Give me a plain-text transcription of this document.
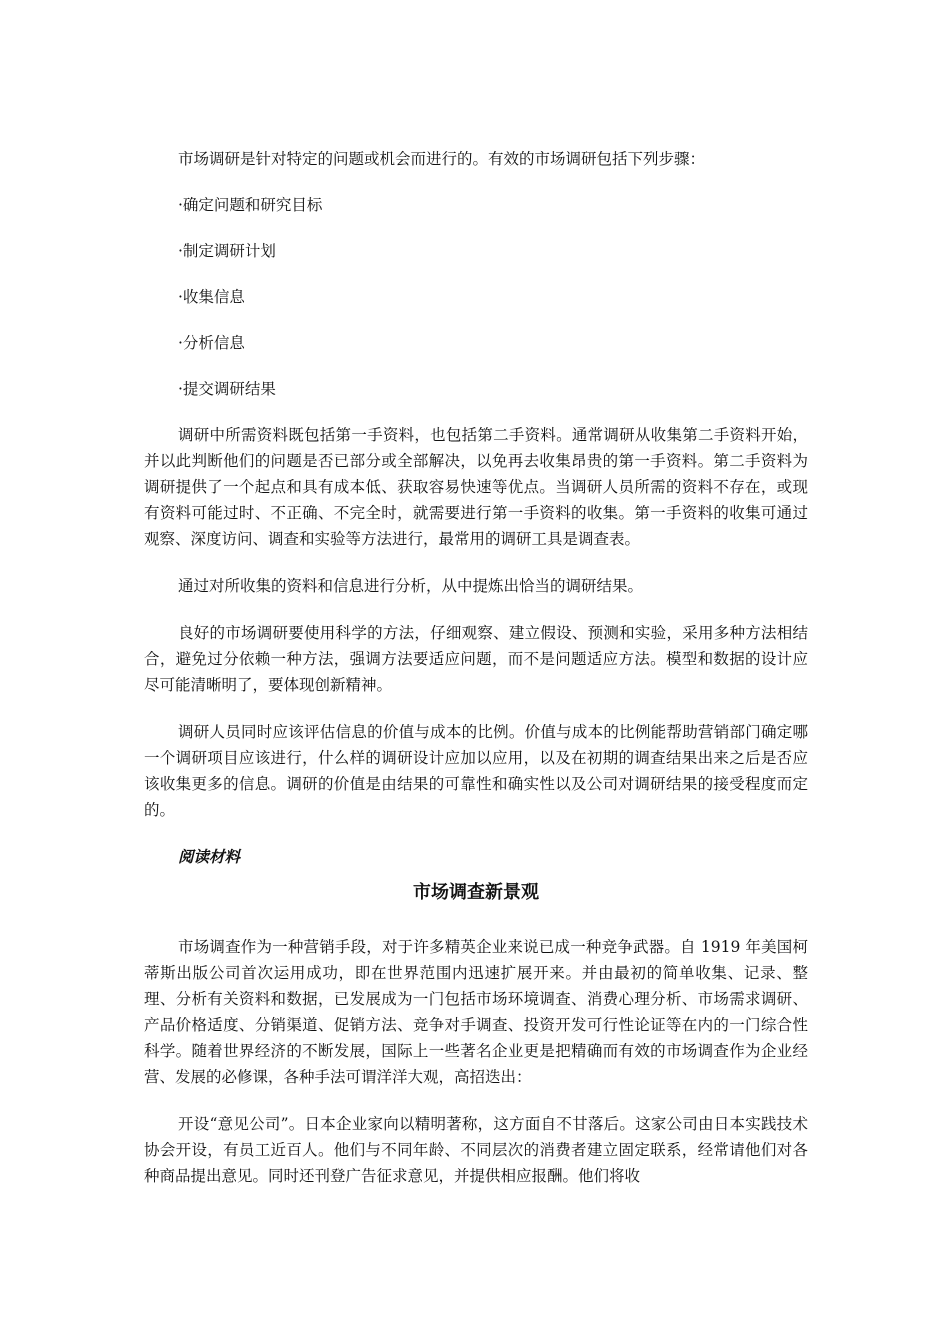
市场调研是针对特定的问题或机会而进行的。有效的市场调研包括下列步骤：

·确定问题和研究目标

·制定调研计划

·收集信息

·分析信息

·提交调研结果

调研中所需资料既包括第一手资料，也包括第二手资料。通常调研从收集第二手资料开始，并以此判断他们的问题是否已部分或全部解决，以免再去收集昂贵的第一手资料。第二手资料为调研提供了一个起点和具有成本低、获取容易快速等优点。当调研人员所需的资料不存在，或现有资料可能过时、不正确、不完全时，就需要进行第一手资料的收集。第一手资料的收集可通过观察、深度访问、调查和实验等方法进行，最常用的调研工具是调查表。

通过对所收集的资料和信息进行分析，从中提炼出恰当的调研结果。

良好的市场调研要使用科学的方法，仔细观察、建立假设、预测和实验，采用多种方法相结合，避免过分依赖一种方法，强调方法要适应问题，而不是问题适应方法。模型和数据的设计应尽可能清晰明了，要体现创新精神。

调研人员同时应该评估信息的价值与成本的比例。价值与成本的比例能帮助营销部门确定哪一个调研项目应该进行，什么样的调研设计应加以应用，以及在初期的调查结果出来之后是否应该收集更多的信息。调研的价值是由结果的可靠性和确实性以及公司对调研结果的接受程度而定的。

阅读材料

市场调查新景观

市场调查作为一种营销手段，对于许多精英企业来说已成一种竞争武器。自 1919 年美国柯蒂斯出版公司首次运用成功，即在世界范围内迅速扩展开来。并由最初的简单收集、记录、整理、分析有关资料和数据，已发展成为一门包括市场环境调查、消费心理分析、市场需求调研、产品价格适度、分销渠道、促销方法、竞争对手调查、投资开发可行性论证等在内的一门综合性科学。随着世界经济的不断发展，国际上一些著名企业更是把精确而有效的市场调查作为企业经营、发展的必修课，各种手法可谓洋洋大观，高招迭出：

开设“意见公司”。日本企业家向以精明著称，这方面自不甘落后。这家公司由日本实践技术协会开设，有员工近百人。他们与不同年龄、不同层次的消费者建立固定联系，经常请他们对各种商品提出意见。同时还刊登广告征求意见，并提供相应报酬。他们将收
